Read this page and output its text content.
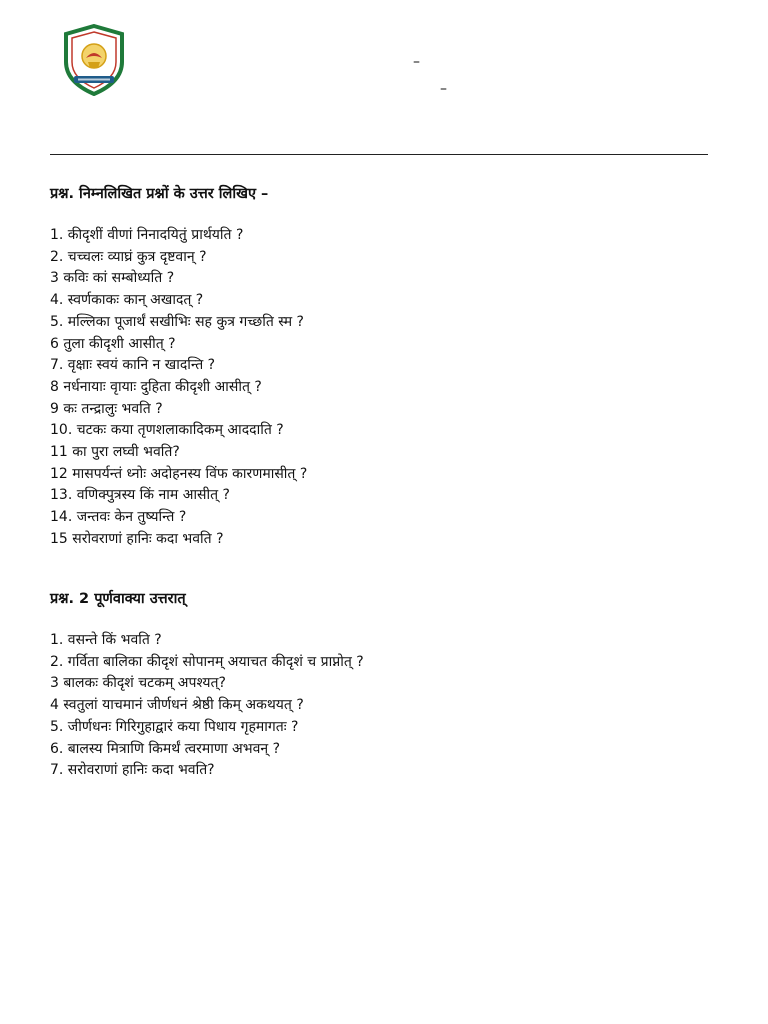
–
–
प्रश्न. निम्नलिखित प्रश्नों के उत्तर लिखिए –
1. कीदृशीं वीणां निनादयितुं प्रार्थयति ?
2. चच्चलः व्याघ्रं कुत्र दृष्टवान् ?
3 कविः कां सम्बोध्यति ?
4. स्वर्णकाकः कान् अखादत् ?
5. मल्लिका पूजार्थं सखीभिः सह कुत्र गच्छति स्म ?
6 तुला कीदृशी आसीत् ?
7. वृक्षाः स्वयं कानि न खादन्ति ?
8 नर्धनायाः वृायाः दुहिता कीदृशी आसीत् ?
9 कः तन्द्रालुः भवति ?
10. चटकः कया तृणशलाकादिकम् आददाति ?
11 का पुरा लघ्वी भवति?
12 मासपर्यन्तं ध्नोः अदोहनस्य विंफ कारणमासीत् ?
13. वणिक्पुत्रस्य किं नाम आसीत् ?
14. जन्तवः केन तुष्यन्ति ?
15 सरोवराणां हानिः कदा भवति ?
प्रश्न. 2 पूर्णवाक्या उत्तरात्
1. वसन्ते किं भवति ?
2. गर्विता बालिका कीदृशं सोपानम् अयाचत कीदृशं च प्राप्नोत् ?
3 बालकः कीदृशं चटकम् अपश्यत्?
4 स्वतुलां याचमानं जीर्णधनं श्रेष्ठी किम् अकथयत् ?
5. जीर्णधनः गिरिगुहाद्वारं कया पिधाय गृहमागतः ?
6. बालस्य मित्राणि किमर्थं त्वरमाणा अभवन् ?
7. सरोवराणां हानिः कदा भवति?
